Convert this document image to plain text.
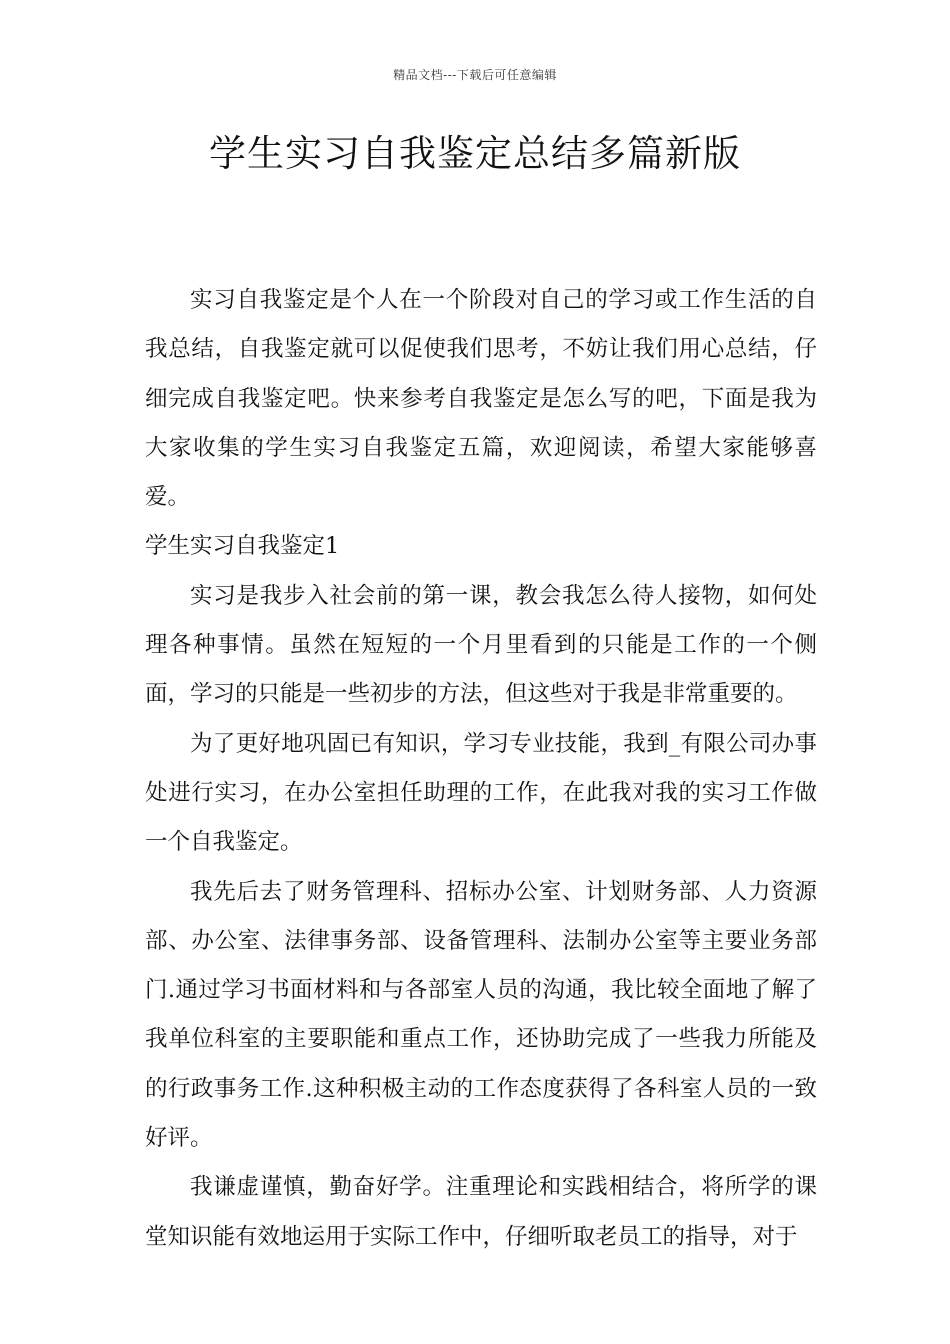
精品文档---下载后可任意编辑
学生实习自我鉴定总结多篇新版

实习自我鉴定是个人在一个阶段对自己的学习或工作生活的自我总结，自我鉴定就可以促使我们思考，不妨让我们用心总结，仔细完成自我鉴定吧。快来参考自我鉴定是怎么写的吧，下面是我为大家收集的学生实习自我鉴定五篇，欢迎阅读，希望大家能够喜爱。

学生实习自我鉴定1

实习是我步入社会前的第一课，教会我怎么待人接物，如何处理各种事情。虽然在短短的一个月里看到的只能是工作的一个侧面，学习的只能是一些初步的方法，但这些对于我是非常重要的。

为了更好地巩固已有知识，学习专业技能，我到_有限公司办事处进行实习，在办公室担任助理的工作，在此我对我的实习工作做一个自我鉴定。

我先后去了财务管理科、招标办公室、计划财务部、人力资源部、办公室、法律事务部、设备管理科、法制办公室等主要业务部门.通过学习书面材料和与各部室人员的沟通，我比较全面地了解了我单位科室的主要职能和重点工作，还协助完成了一些我力所能及的行政事务工作.这种积极主动的工作态度获得了各科室人员的一致好评。

我谦虚谨慎，勤奋好学。注重理论和实践相结合，将所学的课堂知识能有效地运用于实际工作中，仔细听取老员工的指导，对于
